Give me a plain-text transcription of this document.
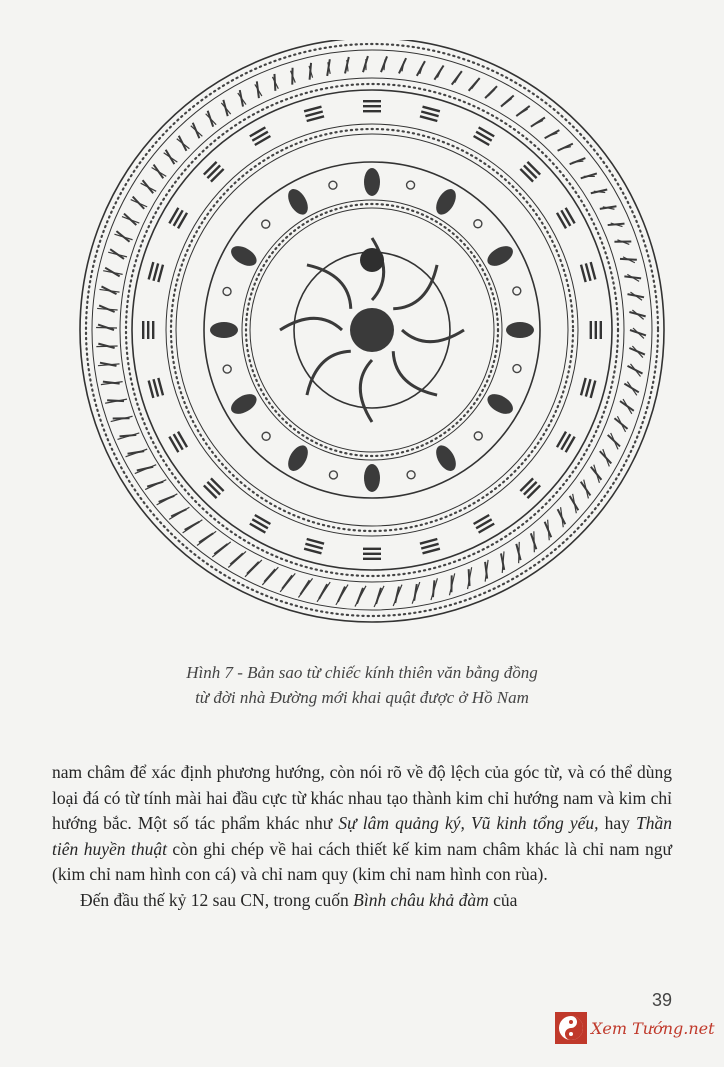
Hình 7 - Bản sao từ chiếc kính thiên văn bằng đồng
từ đời nhà Đường mới khai quật được ở Hồ Nam

nam châm để xác định phương hướng, còn nói rõ về độ lệch của góc từ, và có thể dùng loại đá có từ tính mài hai đầu cực từ khác nhau tạo thành kim chỉ hướng nam và kim chỉ hướng bắc. Một số tác phẩm khác như Sự lâm quảng ký, Vũ kinh tổng yếu, hay Thần tiên huyền thuật còn ghi chép về hai cách thiết kế kim nam châm khác là chỉ nam ngư (kim chỉ nam hình con cá) và chỉ nam quy (kim chỉ nam hình con rùa).

Đến đầu thế kỷ 12 sau CN, trong cuốn Bình châu khả đàm của

39
Xem Tướng.net
